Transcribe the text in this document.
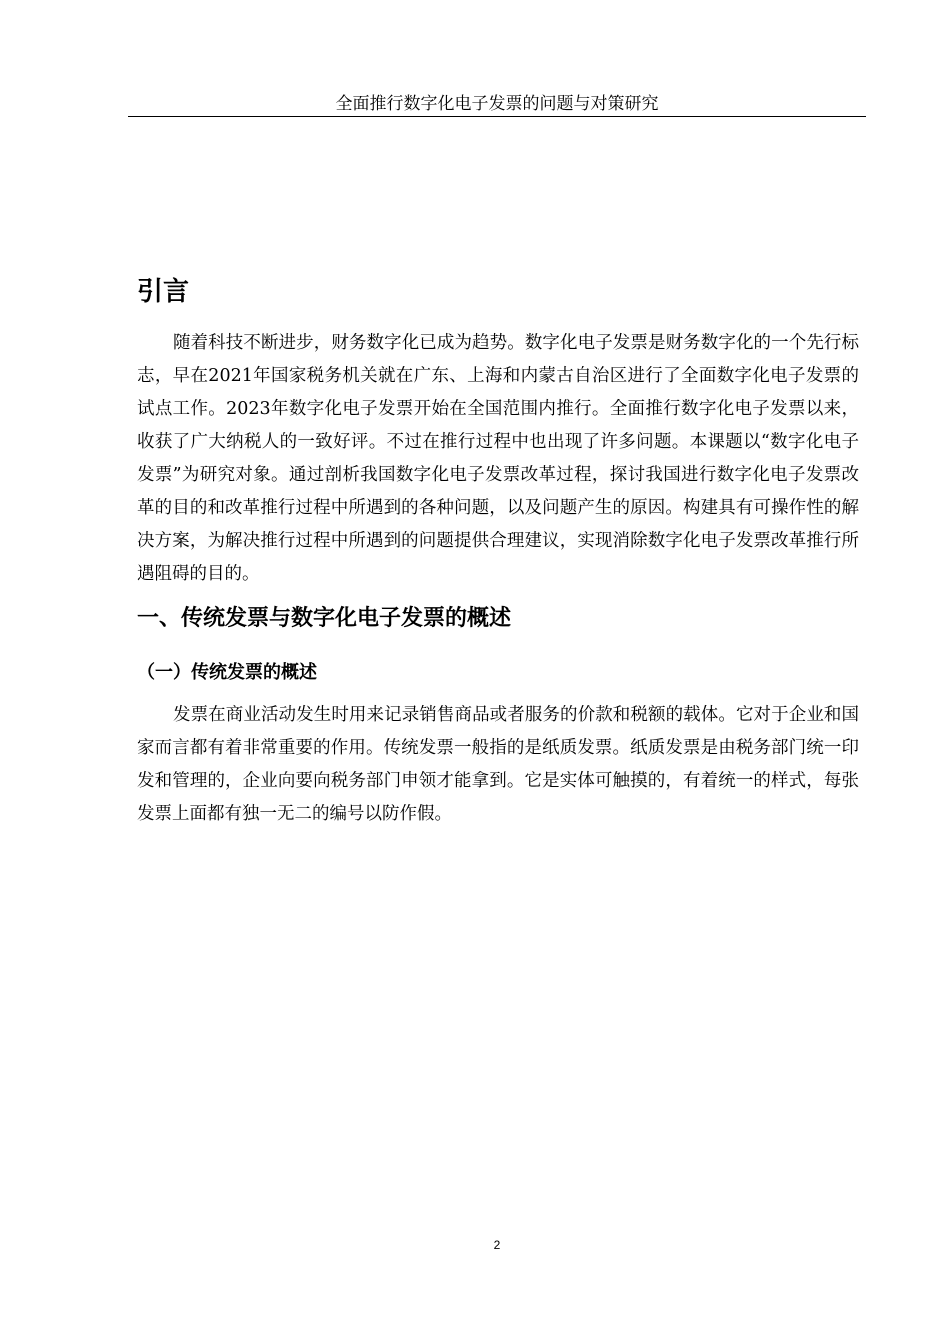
全面推行数字化电子发票的问题与对策研究
引言

随着科技不断进步，财务数字化已成为趋势。数字化电子发票是财务数字化的一个先行标志，早在2021年国家税务机关就在广东、上海和内蒙古自治区进行了全面数字化电子发票的试点工作。2023年数字化电子发票开始在全国范围内推行。全面推行数字化电子发票以来，收获了广大纳税人的一致好评。不过在推行过程中也出现了许多问题。本课题以“数字化电子发票”为研究对象。通过剖析我国数字化电子发票改革过程，探讨我国进行数字化电子发票改革的目的和改革推行过程中所遇到的各种问题，以及问题产生的原因。构建具有可操作性的解决方案，为解决推行过程中所遇到的问题提供合理建议，实现消除数字化电子发票改革推行所遇阻碍的目的。

一、传统发票与数字化电子发票的概述
（一）传统发票的概述

发票在商业活动发生时用来记录销售商品或者服务的价款和税额的载体。它对于企业和国家而言都有着非常重要的作用。传统发票一般指的是纸质发票。纸质发票是由税务部门统一印发和管理的，企业向要向税务部门申领才能拿到。它是实体可触摸的，有着统一的样式，每张发票上面都有独一无二的编号以防作假。

2
